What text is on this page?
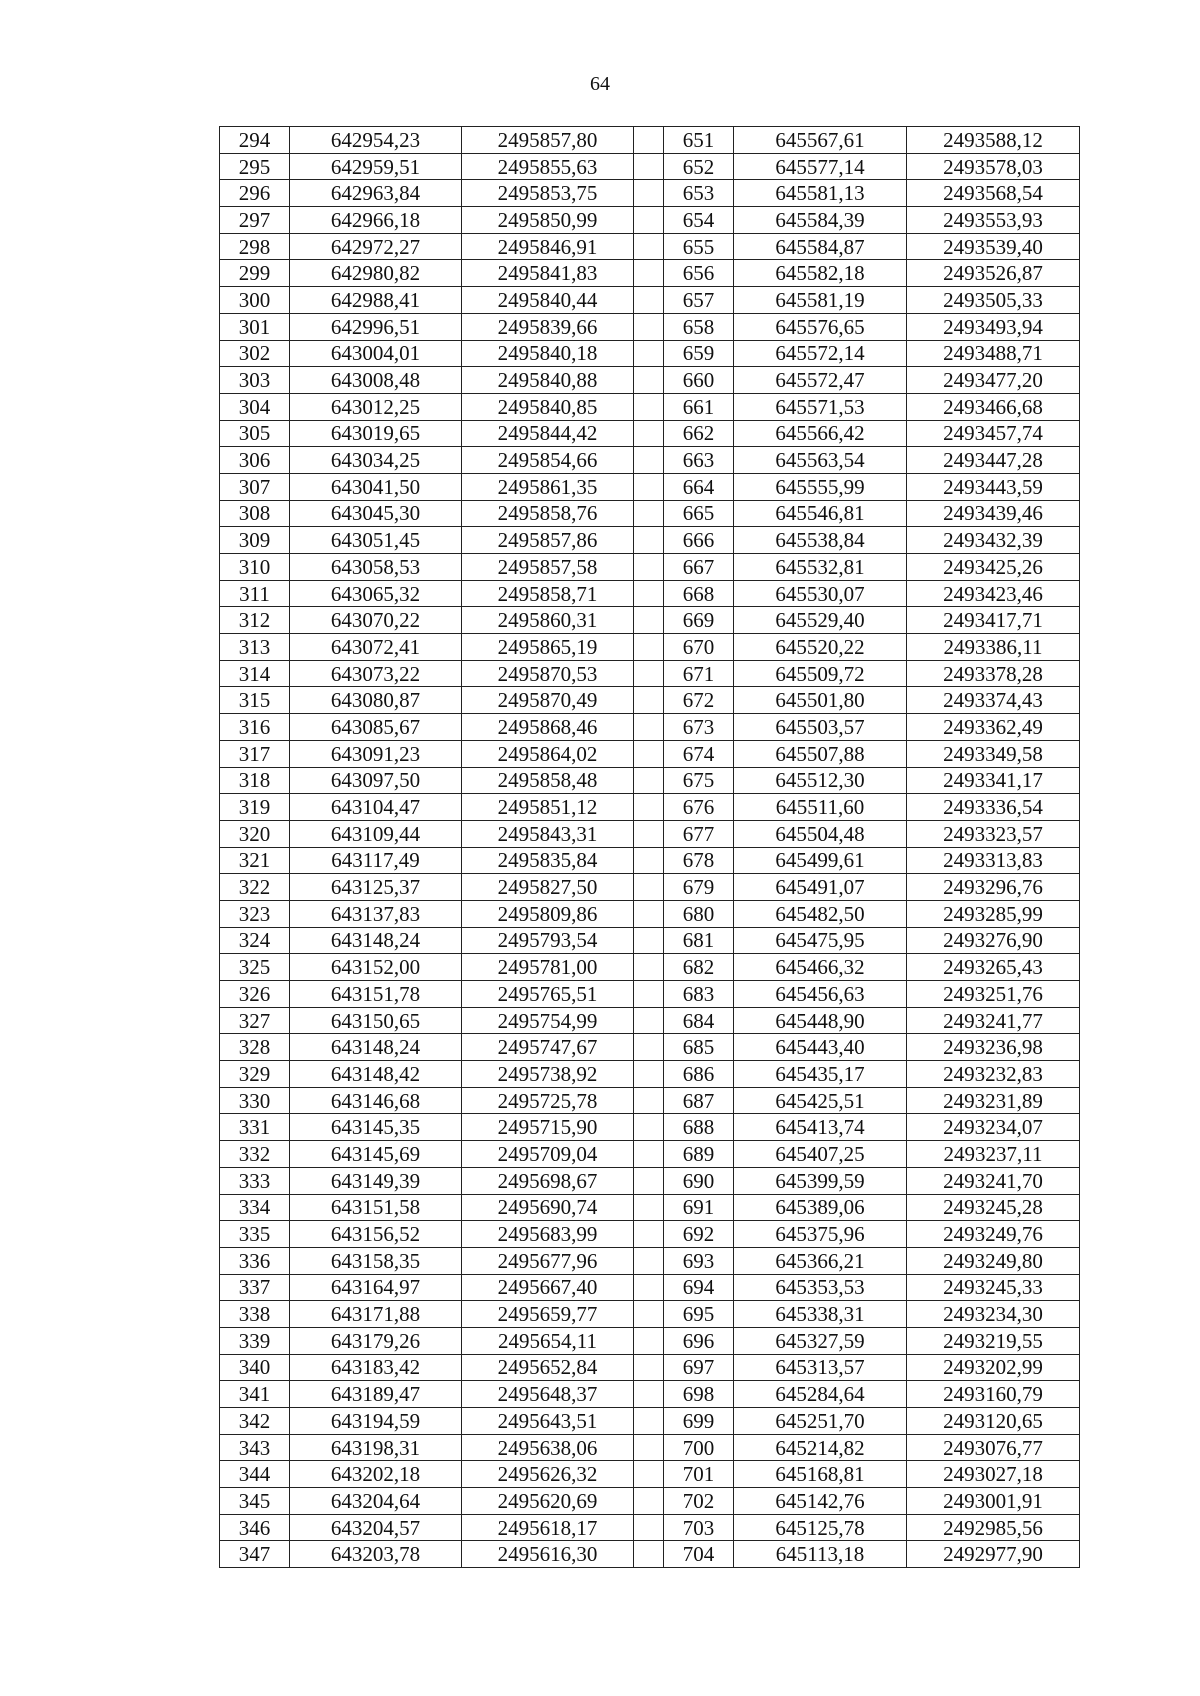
64
294	642954,23	2495857,80		651	645567,61	2493588,12
295	642959,51	2495855,63		652	645577,14	2493578,03
296	642963,84	2495853,75		653	645581,13	2493568,54
297	642966,18	2495850,99		654	645584,39	2493553,93
298	642972,27	2495846,91		655	645584,87	2493539,40
299	642980,82	2495841,83		656	645582,18	2493526,87
300	642988,41	2495840,44		657	645581,19	2493505,33
301	642996,51	2495839,66		658	645576,65	2493493,94
302	643004,01	2495840,18		659	645572,14	2493488,71
303	643008,48	2495840,88		660	645572,47	2493477,20
304	643012,25	2495840,85		661	645571,53	2493466,68
305	643019,65	2495844,42		662	645566,42	2493457,74
306	643034,25	2495854,66		663	645563,54	2493447,28
307	643041,50	2495861,35		664	645555,99	2493443,59
308	643045,30	2495858,76		665	645546,81	2493439,46
309	643051,45	2495857,86		666	645538,84	2493432,39
310	643058,53	2495857,58		667	645532,81	2493425,26
311	643065,32	2495858,71		668	645530,07	2493423,46
312	643070,22	2495860,31		669	645529,40	2493417,71
313	643072,41	2495865,19		670	645520,22	2493386,11
314	643073,22	2495870,53		671	645509,72	2493378,28
315	643080,87	2495870,49		672	645501,80	2493374,43
316	643085,67	2495868,46		673	645503,57	2493362,49
317	643091,23	2495864,02		674	645507,88	2493349,58
318	643097,50	2495858,48		675	645512,30	2493341,17
319	643104,47	2495851,12		676	645511,60	2493336,54
320	643109,44	2495843,31		677	645504,48	2493323,57
321	643117,49	2495835,84		678	645499,61	2493313,83
322	643125,37	2495827,50		679	645491,07	2493296,76
323	643137,83	2495809,86		680	645482,50	2493285,99
324	643148,24	2495793,54		681	645475,95	2493276,90
325	643152,00	2495781,00		682	645466,32	2493265,43
326	643151,78	2495765,51		683	645456,63	2493251,76
327	643150,65	2495754,99		684	645448,90	2493241,77
328	643148,24	2495747,67		685	645443,40	2493236,98
329	643148,42	2495738,92		686	645435,17	2493232,83
330	643146,68	2495725,78		687	645425,51	2493231,89
331	643145,35	2495715,90		688	645413,74	2493234,07
332	643145,69	2495709,04		689	645407,25	2493237,11
333	643149,39	2495698,67		690	645399,59	2493241,70
334	643151,58	2495690,74		691	645389,06	2493245,28
335	643156,52	2495683,99		692	645375,96	2493249,76
336	643158,35	2495677,96		693	645366,21	2493249,80
337	643164,97	2495667,40		694	645353,53	2493245,33
338	643171,88	2495659,77		695	645338,31	2493234,30
339	643179,26	2495654,11		696	645327,59	2493219,55
340	643183,42	2495652,84		697	645313,57	2493202,99
341	643189,47	2495648,37		698	645284,64	2493160,79
342	643194,59	2495643,51		699	645251,70	2493120,65
343	643198,31	2495638,06		700	645214,82	2493076,77
344	643202,18	2495626,32		701	645168,81	2493027,18
345	643204,64	2495620,69		702	645142,76	2493001,91
346	643204,57	2495618,17		703	645125,78	2492985,56
347	643203,78	2495616,30		704	645113,18	2492977,90
